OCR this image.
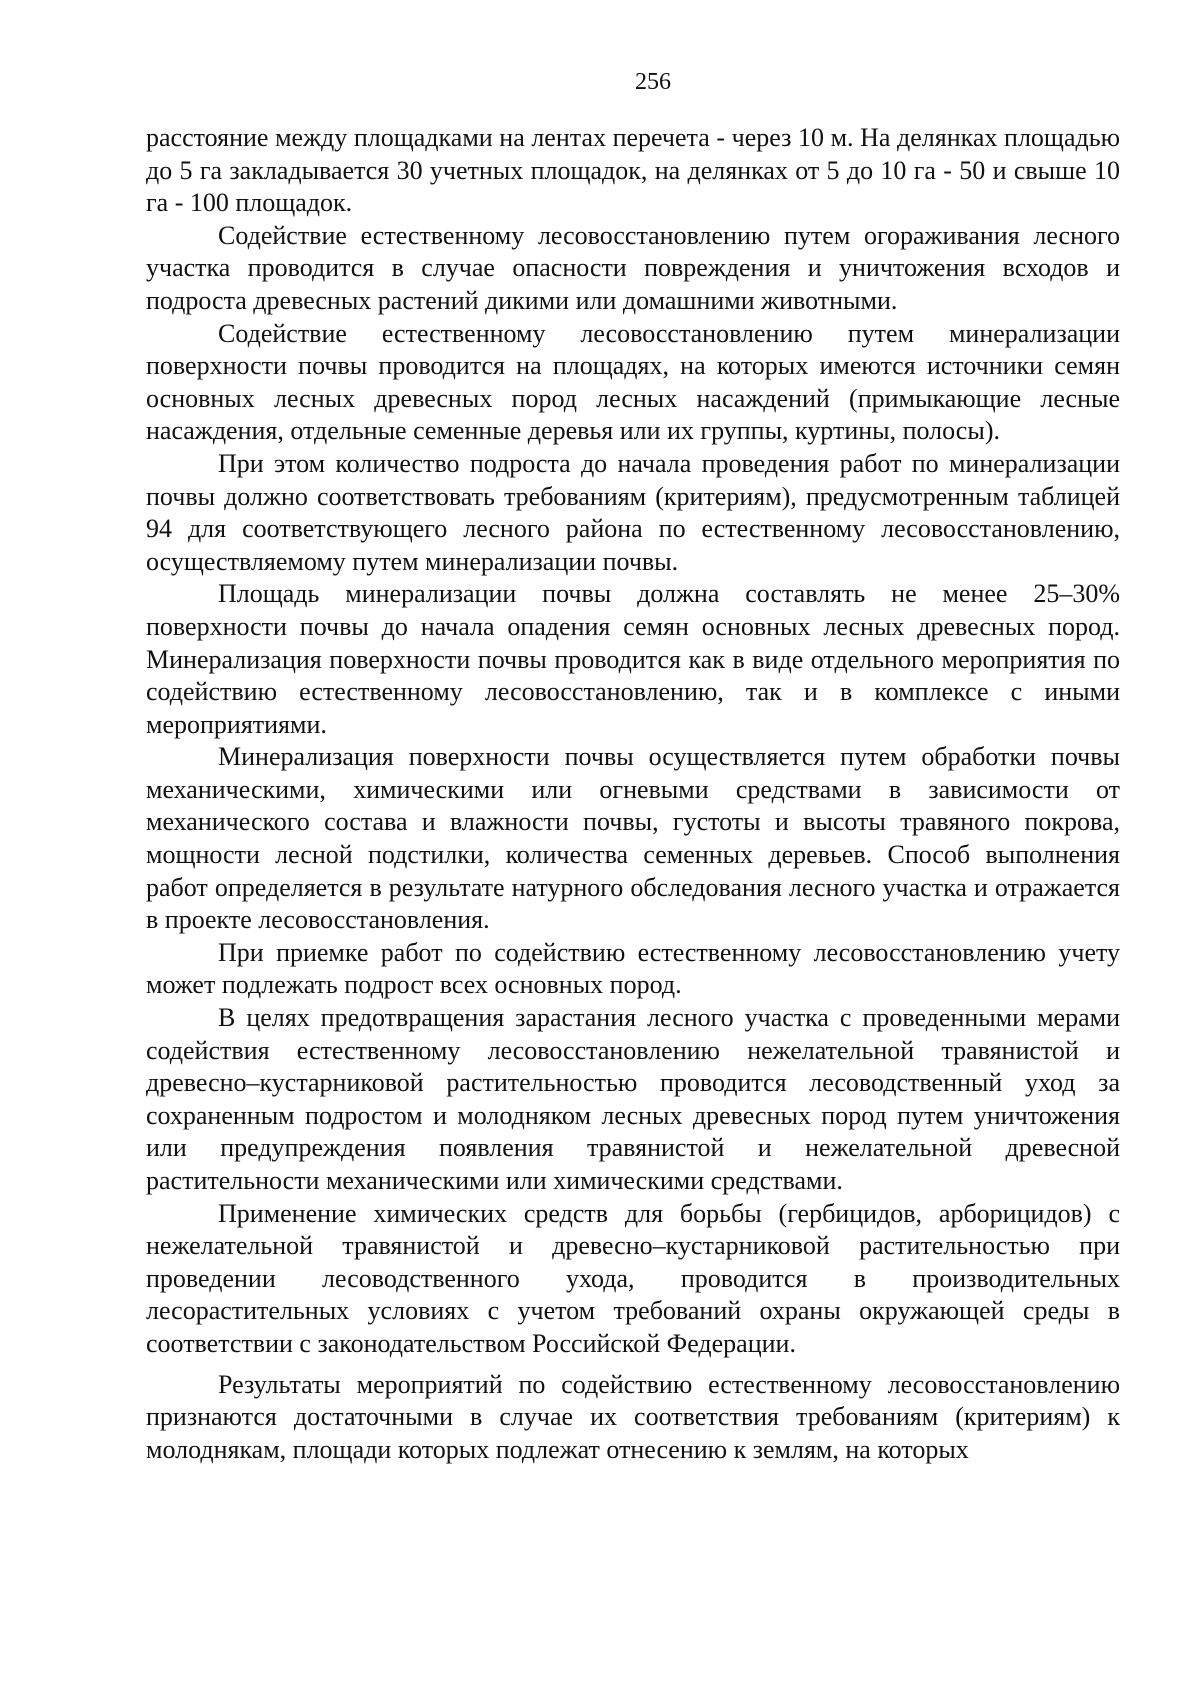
256

расстояние между площадками на лентах перечета - через 10 м. На делянках площадью до 5 га закладывается 30 учетных площадок, на делянках от 5 до 10 га - 50 и свыше 10 га - 100 площадок.

Содействие естественному лесовосстановлению путем огораживания лесного участка проводится в случае опасности повреждения и уничтожения всходов и подроста древесных растений дикими или домашними животными.

Содействие естественному лесовосстановлению путем минерализации поверхности почвы проводится на площадях, на которых имеются источники семян основных лесных древесных пород лесных насаждений (примыкающие лесные насаждения, отдельные семенные деревья или их группы, куртины, полосы).

При этом количество подроста до начала проведения работ по минерализации почвы должно соответствовать требованиям (критериям), предусмотренным таблицей 94 для соответствующего лесного района по естественному лесовосстановлению, осуществляемому путем минерализации почвы.

Площадь минерализации почвы должна составлять не менее 25–30% поверхности почвы до начала опадения семян основных лесных древесных пород. Минерализация поверхности почвы проводится как в виде отдельного мероприятия по содействию естественному лесовосстановлению, так и в комплексе с иными мероприятиями.

Минерализация поверхности почвы осуществляется путем обработки почвы механическими, химическими или огневыми средствами в зависимости от механического состава и влажности почвы, густоты и высоты травяного покрова, мощности лесной подстилки, количества семенных деревьев. Способ выполнения работ определяется в результате натурного обследования лесного участка и отражается в проекте лесовосстановления.

При приемке работ по содействию естественному лесовосстановлению учету может подлежать подрост всех основных пород.

В целях предотвращения зарастания лесного участка с проведенными мерами содействия естественному лесовосстановлению нежелательной травянистой и древесно–кустарниковой растительностью проводится лесоводственный уход за сохраненным подростом и молодняком лесных древесных пород путем уничтожения или предупреждения появления травянистой и нежелательной древесной растительности механическими или химическими средствами.

Применение химических средств для борьбы (гербицидов, арборицидов) с нежелательной травянистой и древесно–кустарниковой растительностью при проведении лесоводственного ухода, проводится в производительных лесорастительных условиях с учетом требований охраны окружающей среды в соответствии с законодательством Российской Федерации.

Результаты мероприятий по содействию естественному лесовосстановлению признаются достаточными в случае их соответствия требованиям (критериям) к молоднякам, площади которых подлежат отнесению к землям, на которых
